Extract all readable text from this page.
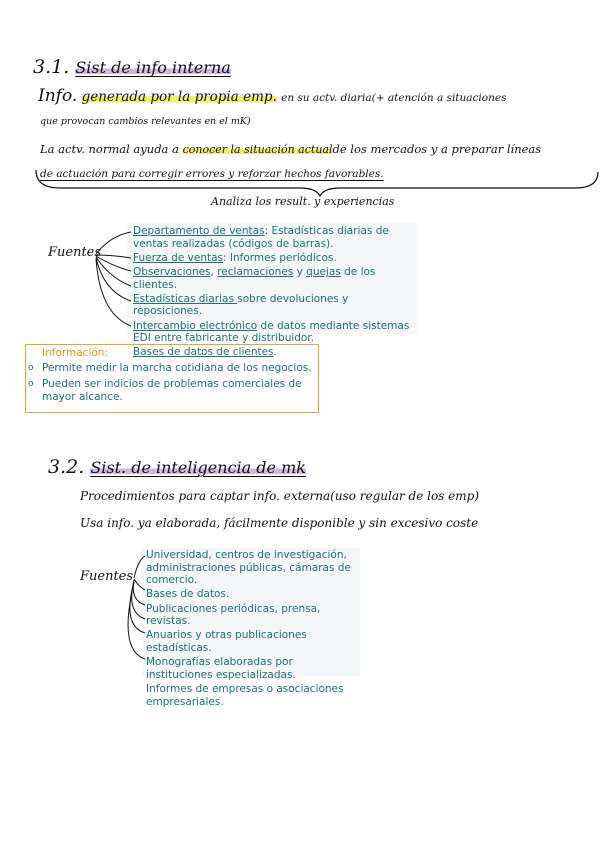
3.1. Sist de info interna
Info. generada por la propia emp. en su actv. diaria(+ atención a situaciones
que provocan cambios relevantes en el mK)
La actv. normal ayuda a conocer la situación actualde los mercados y a preparar líneas
de actuación para corregir errores y reforzar hechos favorables.
Analiza los result. y experiencias
Fuentes
Departamento de ventas: Estadísticas diarias de ventas realizadas (códigos de barras).
Fuerza de ventas: Informes periódicos.
Observaciones, reclamaciones y quejas de los clientes.
Estadísticas diarias sobre devoluciones y reposiciones.
Intercambio electrónico de datos mediante sistemas EDI entre fabricante y distribuidor.
Bases de datos de clientes.
Información:
o Permite medir la marcha cotidiana de los negocios.
o Pueden ser indicios de problemas comerciales de mayor alcance.
3.2. Sist. de inteligencia de mk
Procedimientos para captar info. externa(uso regular de los emp)
Usa info. ya elaborada, fácilmente disponible y sin excesivo coste
Fuentes
Universidad, centros de investigación, administraciones públicas, cámaras de comercio.
Bases de datos.
Publicaciones periódicas, prensa, revistas.
Anuarios y otras publicaciones estadísticas.
Monografías elaboradas por instituciones especializadas.
Informes de empresas o asociaciones empresariales.
